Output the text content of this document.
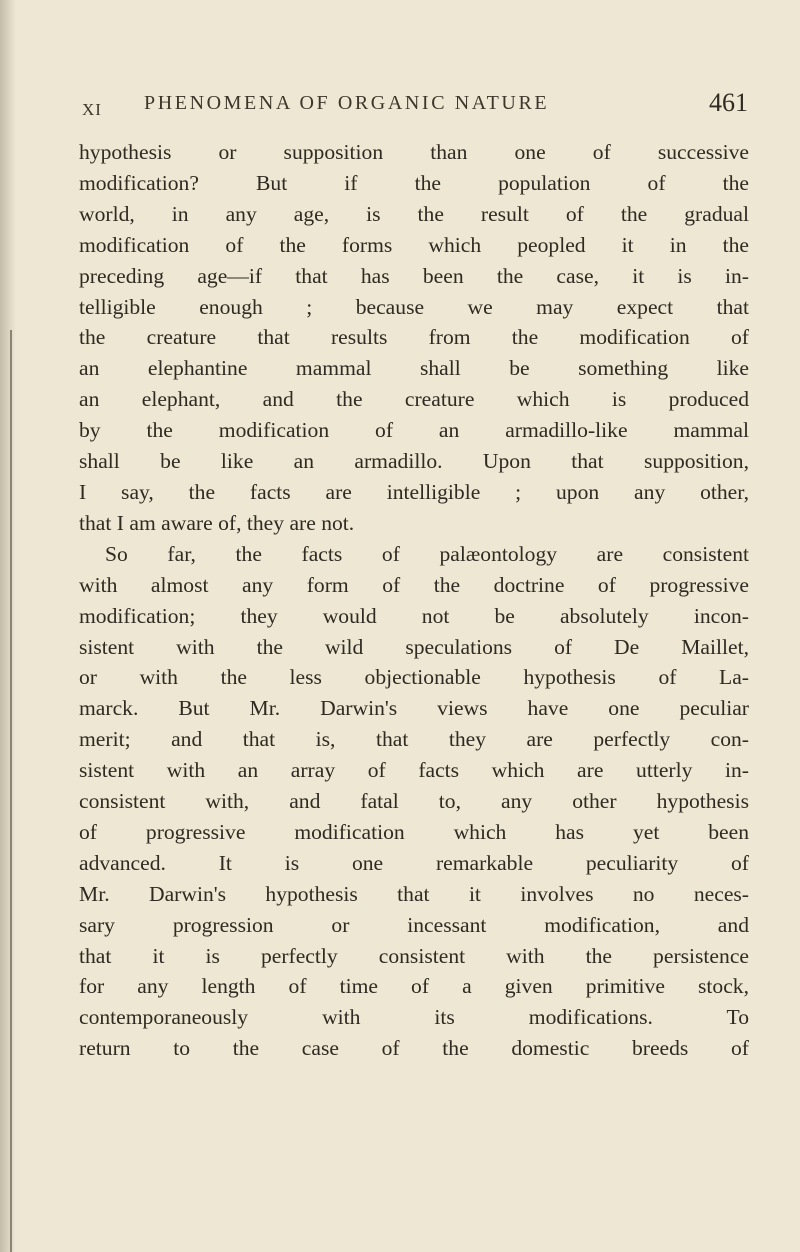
XI PHENOMENA OF ORGANIC NATURE	461
hypothesis or supposition than one of successive
modification? But if the population of the
world, in any age, is the result of the gradual
modification of the forms which peopled it in the
preceding age—if that has been the case, it is in-
telligible enough ; because we may expect that
the creature that results from the modification of
an elephantine mammal shall be something like
an elephant, and the creature which is produced
by the modification of an armadillo-like mammal
shall be like an armadillo. Upon that supposition,
I say, the facts are intelligible ; upon any other,
that I am aware of, they are not.
So far, the facts of palæontology are consistent
with almost any form of the doctrine of progressive
modification; they would not be absolutely incon-
sistent with the wild speculations of De Maillet,
or with the less objectionable hypothesis of La-
marck. But Mr. Darwin's views have one peculiar
merit; and that is, that they are perfectly con-
sistent with an array of facts which are utterly in-
consistent with, and fatal to, any other hypothesis
of progressive modification which has yet been
advanced. It is one remarkable peculiarity of
Mr. Darwin's hypothesis that it involves no neces-
sary progression or incessant modification, and
that it is perfectly consistent with the persistence
for any length of time of a given primitive stock,
contemporaneously with its modifications. To
return to the case of the domestic breeds of
